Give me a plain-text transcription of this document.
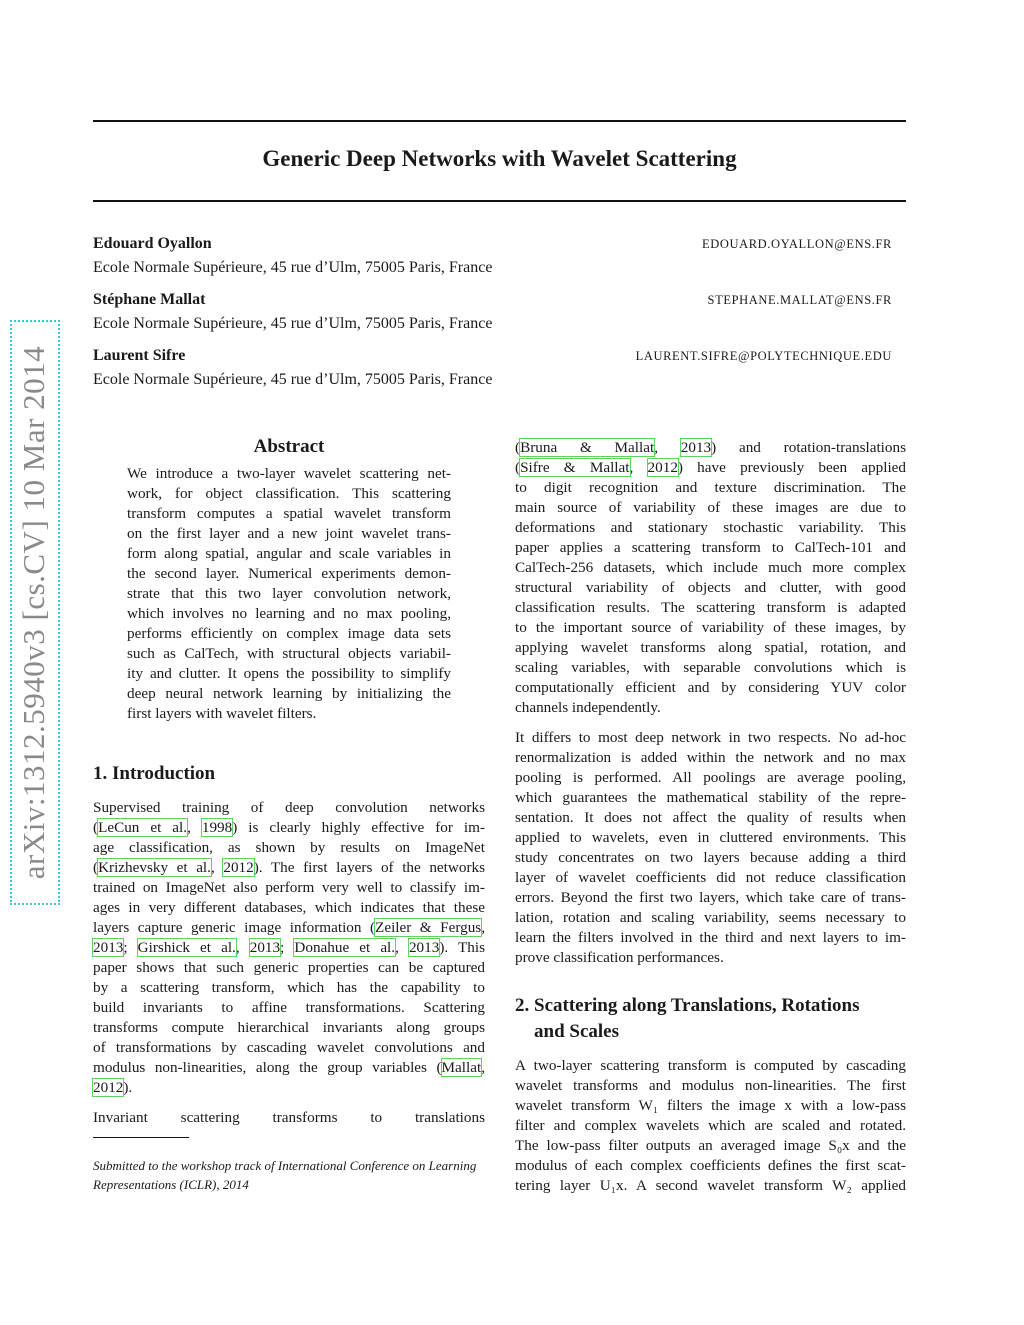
Generic Deep Networks with Wavelet Scattering
Edouard Oyallon	EDOUARD.OYALLON@ENS.FR
Ecole Normale Supérieure, 45 rue d’Ulm, 75005 Paris, France
Stéphane Mallat	STEPHANE.MALLAT@ENS.FR
Ecole Normale Supérieure, 45 rue d’Ulm, 75005 Paris, France
Laurent Sifre	LAURENT.SIFRE@POLYTECHNIQUE.EDU
Ecole Normale Supérieure, 45 rue d’Ulm, 75005 Paris, France
arXiv:1312.5940v3 [cs.CV] 10 Mar 2014	Abstract
We introduce a two-layer wavelet scattering net-
work, for object classification. This scattering
transform computes a spatial wavelet transform
on the first layer and a new joint wavelet trans-
form along spatial, angular and scale variables in
the second layer. Numerical experiments demon-
strate that this two layer convolution network,
which involves no learning and no max pooling,
performs efficiently on complex image data sets
such as CalTech, with structural objects variabil-
ity and clutter. It opens the possibility to simplify
deep neural network learning by initializing the
first layers with wavelet filters.
1. Introduction
Supervised training of deep convolution networks
(LeCun et al., 1998) is clearly highly effective for im-
age classification, as shown by results on ImageNet
(Krizhevsky et al., 2012). The first layers of the networks
trained on ImageNet also perform very well to classify im-
ages in very different databases, which indicates that these
layers capture generic image information (Zeiler & Fergus,
2013; Girshick et al., 2013; Donahue et al., 2013). This
paper shows that such generic properties can be captured
by a scattering transform, which has the capability to
build invariants to affine transformations. Scattering
transforms compute hierarchical invariants along groups
of transformations by cascading wavelet convolutions and
modulus non-linearities, along the group variables (Mallat,
2012).
Invariant scattering transforms to translations
Submitted to the workshop track of International Conference on Learning Representations (ICLR), 2014
(Bruna & Mallat, 2013) and rotation-translations
(Sifre & Mallat, 2012) have previously been applied
to digit recognition and texture discrimination. The
main source of variability of these images are due to
deformations and stationary stochastic variability. This
paper applies a scattering transform to CalTech-101 and
CalTech-256 datasets, which include much more complex
structural variability of objects and clutter, with good
classification results. The scattering transform is adapted
to the important source of variability of these images, by
applying wavelet transforms along spatial, rotation, and
scaling variables, with separable convolutions which is
computationally efficient and by considering YUV color
channels independently.
It differs to most deep network in two respects. No ad-hoc
renormalization is added within the network and no max
pooling is performed. All poolings are average pooling,
which guarantees the mathematical stability of the repre-
sentation. It does not affect the quality of results when
applied to wavelets, even in cluttered environments. This
study concentrates on two layers because adding a third
layer of wavelet coefficients did not reduce classification
errors. Beyond the first two layers, which take care of trans-
lation, rotation and scaling variability, seems necessary to
learn the filters involved in the third and next layers to im-
prove classification performances.
2. Scattering along Translations, Rotations
and Scales
A two-layer scattering transform is computed by cascading
wavelet transforms and modulus non-linearities. The first
wavelet transform W₁ filters the image x with a low-pass
filter and complex wavelets which are scaled and rotated.
The low-pass filter outputs an averaged image S₀x and the
modulus of each complex coefficients defines the first scat-
tering layer U₁x. A second wavelet transform W₂ applied
